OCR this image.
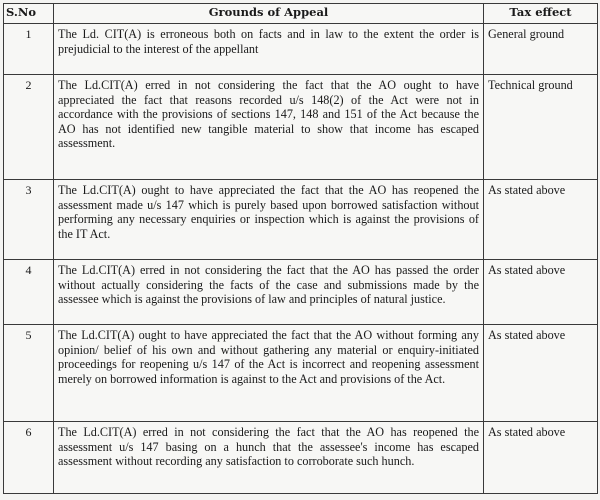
S.No	Grounds of Appeal	Tax effect
1	The Ld. CIT(A) is erroneous both on facts and in law to the extent the order is prejudicial to the interest of the appellant	General ground
2	The Ld.CIT(A) erred in not considering the fact that the AO ought to have appreciated the fact that reasons recorded u/s 148(2) of the Act were not in accordance with the provisions of sections 147, 148 and 151 of the Act because the AO has not identified new tangible material to show that income has escaped assessment.	Technical ground
3	The Ld.CIT(A) ought to have appreciated the fact that the AO has reopened the assessment made u/s 147 which is purely based upon borrowed satisfaction without performing any necessary enquiries or inspection which is against the provisions of the IT Act.	As stated above
4	The Ld.CIT(A) erred in not considering the fact that the AO has passed the order without actually considering the facts of the case and submissions made by the assessee which is against the provisions of law and principles of natural justice.	As stated above
5	The Ld.CIT(A) ought to have appreciated the fact that the AO without forming any opinion/ belief of his own and without gathering any material or enquiry-initiated proceedings for reopening u/s 147 of the Act is incorrect and reopening assessment merely on borrowed information is against to the Act and provisions of the Act.	As stated above
6	The Ld.CIT(A) erred in not considering the fact that the AO has reopened the assessment u/s 147 basing on a hunch that the assessee's income has escaped assessment without recording any satisfaction to corroborate such hunch.	As stated above
